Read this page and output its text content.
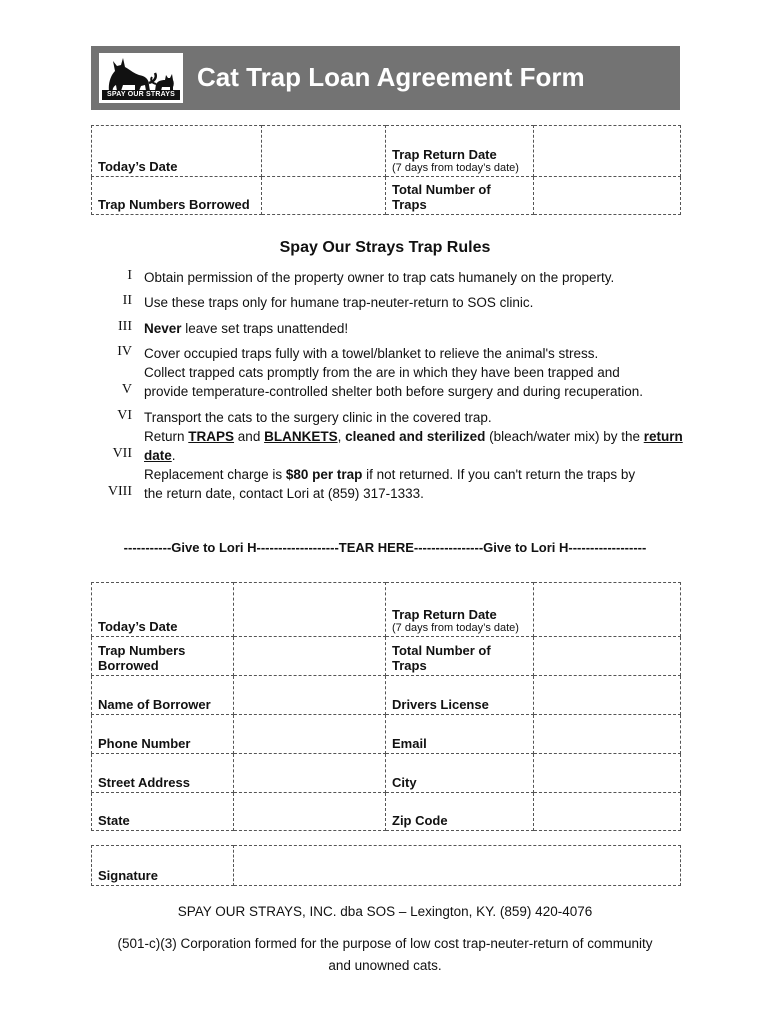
SPAY OUR STRAYS
Cat Trap Loan Agreement Form
Today’s Date		Trap Return Date
(7 days from today’s date)	

Trap Numbers Borrowed		Total Number of
Traps	

Spay Our Strays Trap Rules
I Obtain permission of the property owner to trap cats humanely on the property.
II Use these traps only for humane trap-neuter-return to SOS clinic.
III Never leave set traps unattended!
IV Cover occupied traps fully with a towel/blanket to relieve the animal's stress.
V
Collect trapped cats promptly from the are in which they have been trapped and
provide temperature-controlled shelter both before surgery and during recuperation.
VI Transport the cats to the surgery clinic in the covered trap.
VII
Return TRAPS and BLANKETS, cleaned and sterilized (bleach/water mix) by the return
date.
VIII
Replacement charge is $80 per trap if not returned. If you can't return the traps by
the return date, contact Lori at (859) 317-1333.
-----------Give to Lori H-------------------TEAR HERE----------------Give to Lori H------------------
Today’s Date		Trap Return Date
(7 days from today’s date)	

Trap Numbers
Borrowed		Total Number of
Traps	

Name of Borrower		Drivers License	
Phone Number		Email	
Street Address		City	
State		Zip Code	
Signature	
SPAY OUR STRAYS, INC. dba SOS – Lexington, KY. (859) 420-4076
(501-c)(3) Corporation formed for the purpose of low cost trap-neuter-return of community
and unowned cats.
